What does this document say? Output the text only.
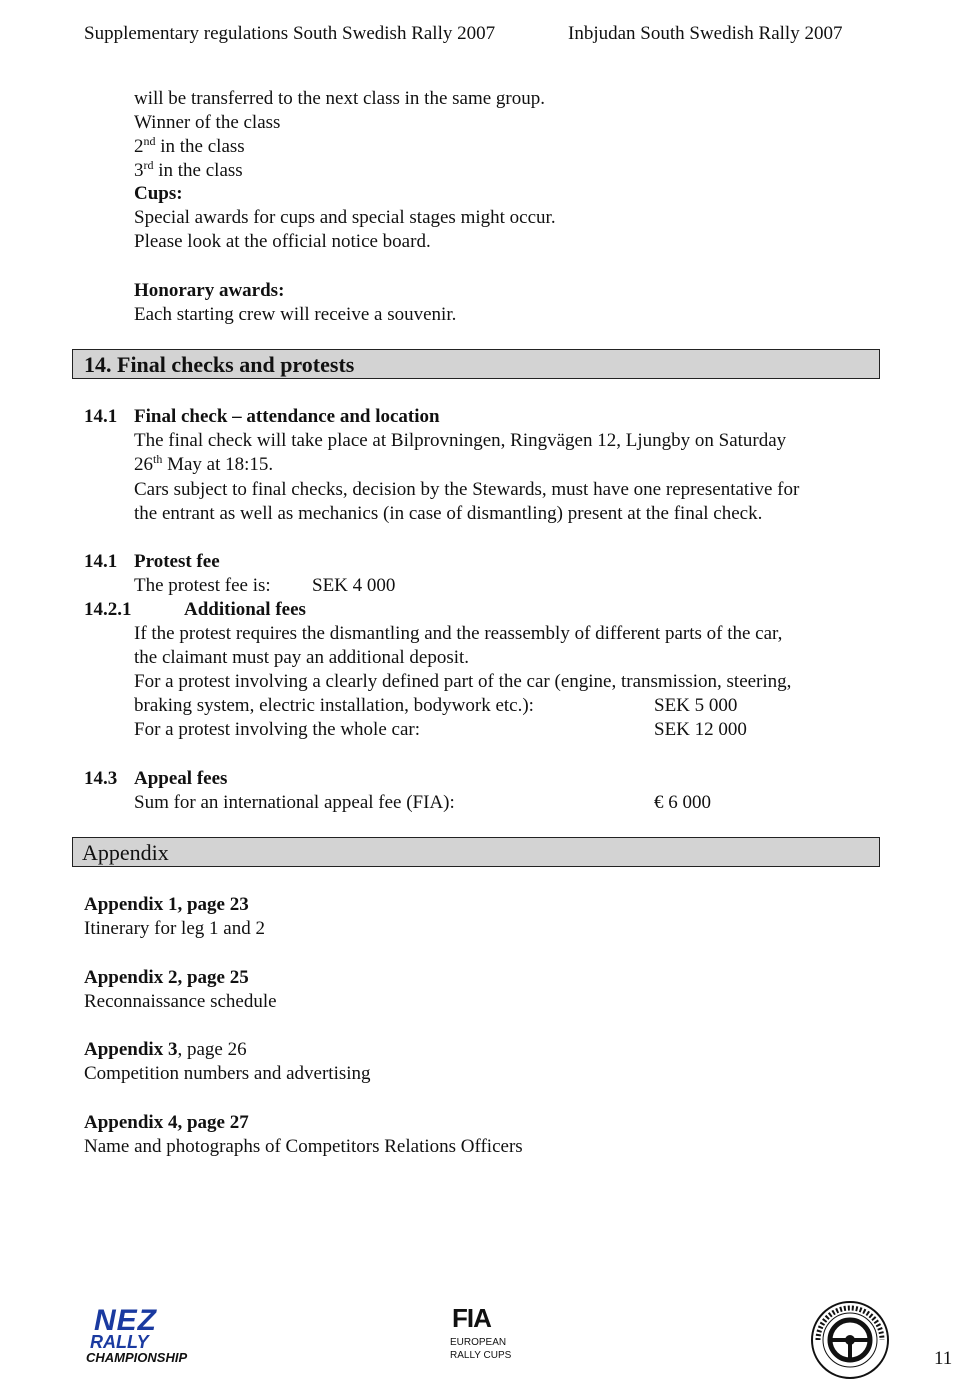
Supplementary regulations South Swedish Rally 2007	Inbjudan South Swedish Rally 2007
will be transferred to the next class in the same group.
Winner of the class
2nd in the class
3rd in the class
Cups:
Special awards for cups and special stages might occur.
Please look at the official notice board.
Honorary awards:
Each starting crew will receive a souvenir.
14. Final checks and protests
14.1 Final check – attendance and location
The final check will take place at Bilprovningen, Ringvägen 12, Ljungby on Saturday
26th May at 18:15.
Cars subject to final checks, decision by the Stewards, must have one representative for
the entrant as well as mechanics (in case of dismantling) present at the final check.
14.1 Protest fee
The protest fee is: SEK 4 000
14.2.1	Additional fees
If the protest requires the dismantling and the reassembly of different parts of the car,
the claimant must pay an additional deposit.
For a protest involving a clearly defined part of the car (engine, transmission, steering,
braking system, electric installation, bodywork etc.):	SEK 5 000
For a protest involving the whole car:	SEK 12 000
14.3 Appeal fees
Sum for an international appeal fee (FIA):	€ 6 000
Appendix
Appendix 1, page 23
Itinerary for leg 1 and 2
Appendix 2, page 25
Reconnaissance schedule
Appendix 3, page 26
Competition numbers and advertising
Appendix 4, page 27
Name and photographs of Competitors Relations Officers
NEZ
RALLY
CHAMPIONSHIP
FIA
EUROPEAN
RALLY CUPS	11
